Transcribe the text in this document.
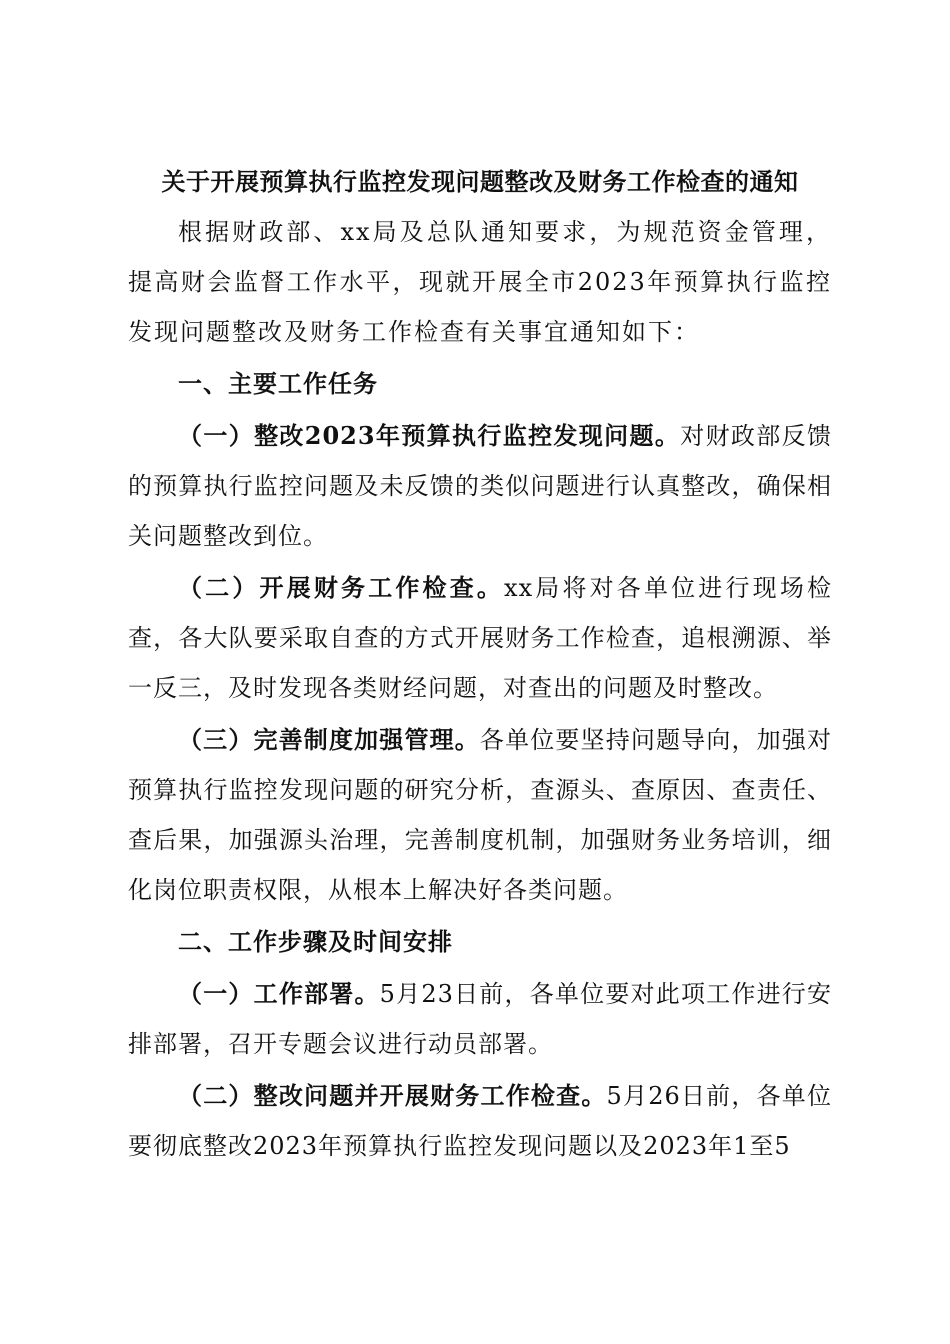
关于开展预算执行监控发现问题整改及财务工作检查的通知

根据财政部、xx局及总队通知要求，为规范资金管理，提高财会监督工作水平，现就开展全市2023年预算执行监控发现问题整改及财务工作检查有关事宜通知如下：

一、主要工作任务

（一）整改2023年预算执行监控发现问题。对财政部反馈的预算执行监控问题及未反馈的类似问题进行认真整改，确保相关问题整改到位。

（二）开展财务工作检查。xx局将对各单位进行现场检查，各大队要采取自查的方式开展财务工作检查，追根溯源、举一反三，及时发现各类财经问题，对查出的问题及时整改。

（三）完善制度加强管理。各单位要坚持问题导向，加强对预算执行监控发现问题的研究分析，查源头、查原因、查责任、查后果，加强源头治理，完善制度机制，加强财务业务培训，细化岗位职责权限，从根本上解决好各类问题。

二、工作步骤及时间安排

（一）工作部署。5月23日前，各单位要对此项工作进行安排部署，召开专题会议进行动员部署。

（二）整改问题并开展财务工作检查。5月26日前，各单位要彻底整改2023年预算执行监控发现问题以及2023年1至5
